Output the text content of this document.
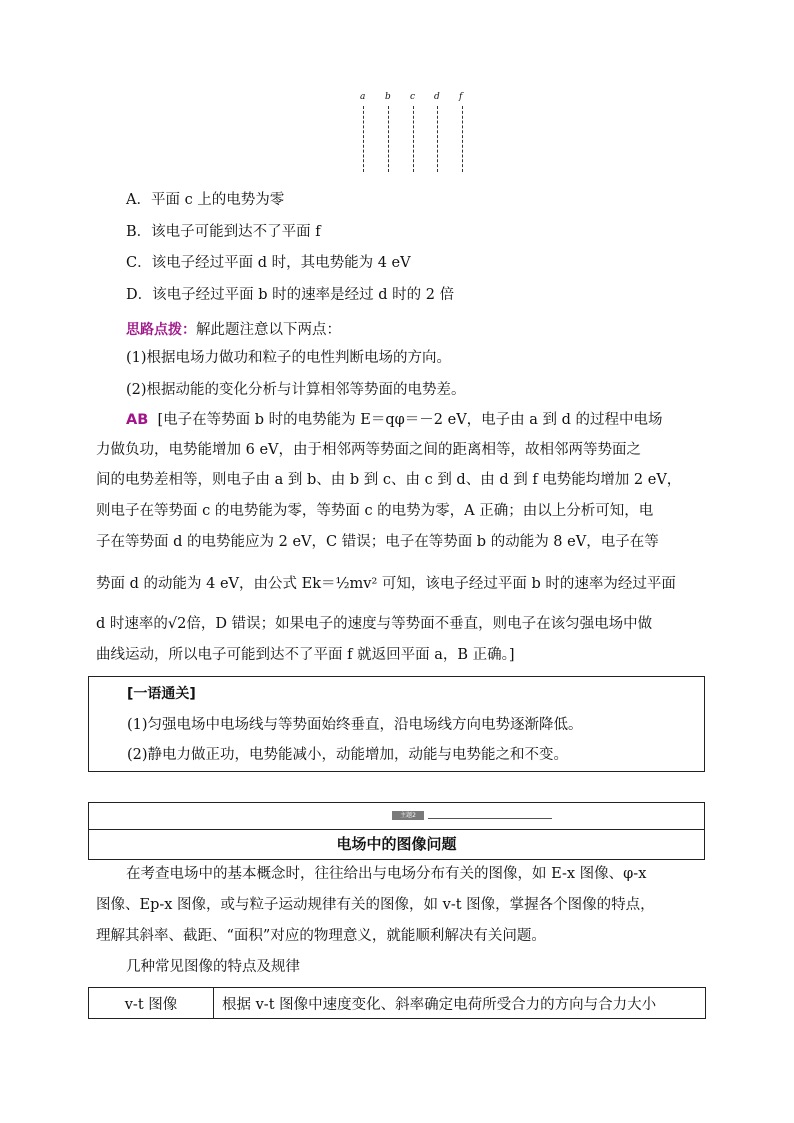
a b c d f
A．平面 c 上的电势为零
B．该电子可能到达不了平面 f
C．该电子经过平面 d 时，其电势能为 4 eV
D．该电子经过平面 b 时的速率是经过 d 时的 2 倍
思路点拨：解此题注意以下两点：
(1)根据电场力做功和粒子的电性判断电场的方向。
(2)根据动能的变化分析与计算相邻等势面的电势差。
AB [电子在等势面 b 时的电势能为 E＝qφ＝－2 eV，电子由 a 到 d 的过程中电场
力做负功，电势能增加 6 eV，由于相邻两等势面之间的距离相等，故相邻两等势面之
间的电势差相等，则电子由 a 到 b、由 b 到 c、由 c 到 d、由 d 到 f 电势能均增加 2 eV，
则电子在等势面 c 的电势能为零，等势面 c 的电势为零，A 正确；由以上分析可知，电
子在等势面 d 的电势能应为 2 eV，C 错误；电子在等势面 b 的动能为 8 eV，电子在等
势面 d 的动能为 4 eV，由公式 Ek＝½mv² 可知，该电子经过平面 b 时的速率为经过平面
d 时速率的√2倍，D 错误；如果电子的速度与等势面不垂直，则电子在该匀强电场中做
曲线运动，所以电子可能到达不了平面 f 就返回平面 a，B 正确。]
[一语通关]
(1)匀强电场中电场线与等势面始终垂直，沿电场线方向电势逐渐降低。
(2)静电力做正功，电势能减小，动能增加，动能与电势能之和不变。
主题2
电场中的图像问题
在考查电场中的基本概念时，往往给出与电场分布有关的图像，如 E-x 图像、φ-x
图像、Ep-x 图像，或与粒子运动规律有关的图像，如 v-t 图像，掌握各个图像的特点，
理解其斜率、截距、“面积”对应的物理意义，就能顺利解决有关问题。
几种常见图像的特点及规律
v-t 图像	根据 v-t 图像中速度变化、斜率确定电荷所受合力的方向与合力大小
